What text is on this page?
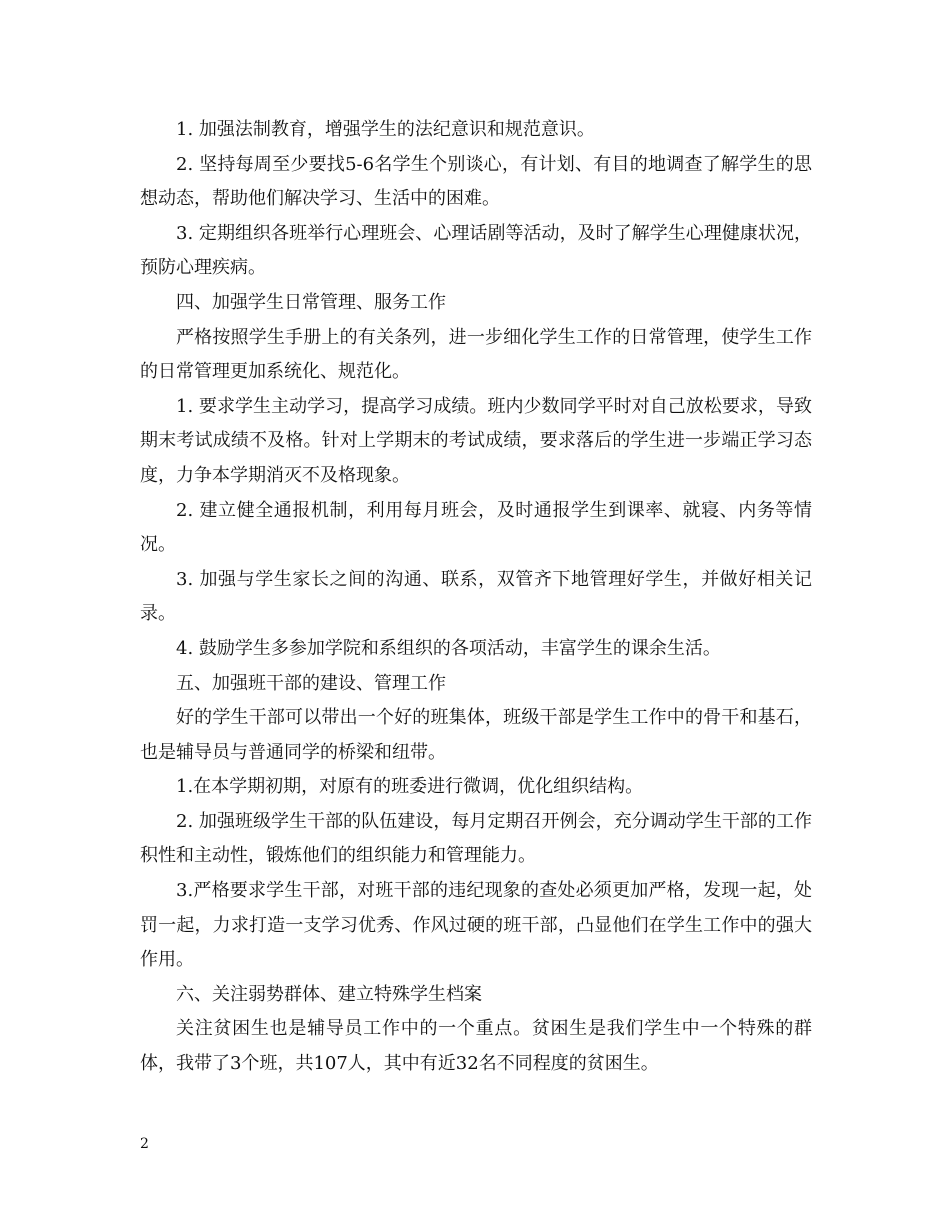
1. 加强法制教育，增强学生的法纪意识和规范意识。

2. 坚持每周至少要找5-6名学生个别谈心，有计划、有目的地调查了解学生的思想动态，帮助他们解决学习、生活中的困难。

3. 定期组织各班举行心理班会、心理话剧等活动，及时了解学生心理健康状况，预防心理疾病。

四、加强学生日常管理、服务工作

严格按照学生手册上的有关条列，进一步细化学生工作的日常管理，使学生工作的日常管理更加系统化、规范化。

1. 要求学生主动学习，提高学习成绩。班内少数同学平时对自己放松要求，导致期末考试成绩不及格。针对上学期末的考试成绩，要求落后的学生进一步端正学习态度，力争本学期消灭不及格现象。

2. 建立健全通报机制，利用每月班会，及时通报学生到课率、就寝、内务等情况。

3. 加强与学生家长之间的沟通、联系，双管齐下地管理好学生，并做好相关记录。

4. 鼓励学生多参加学院和系组织的各项活动，丰富学生的课余生活。

五、加强班干部的建设、管理工作

好的学生干部可以带出一个好的班集体，班级干部是学生工作中的骨干和基石，也是辅导员与普通同学的桥梁和纽带。

1.在本学期初期，对原有的班委进行微调，优化组织结构。

2. 加强班级学生干部的队伍建设，每月定期召开例会，充分调动学生干部的工作积性和主动性，锻炼他们的组织能力和管理能力。

3.严格要求学生干部，对班干部的违纪现象的查处必须更加严格，发现一起，处罚一起，力求打造一支学习优秀、作风过硬的班干部，凸显他们在学生工作中的强大作用。

六、关注弱势群体、建立特殊学生档案

关注贫困生也是辅导员工作中的一个重点。贫困生是我们学生中一个特殊的群体，我带了3个班，共107人，其中有近32名不同程度的贫困生。

2
